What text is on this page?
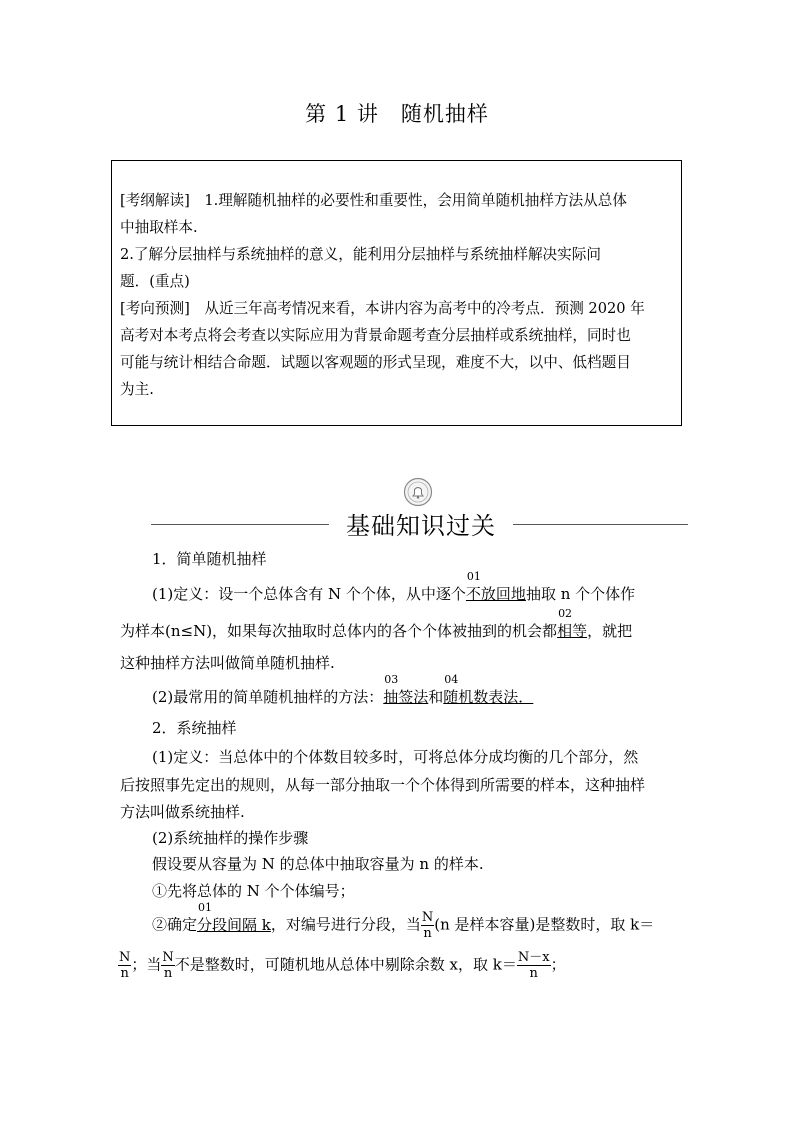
第 1 讲　随机抽样
[考纲解读]　1.理解随机抽样的必要性和重要性，会用简单随机抽样方法从总体
中抽取样本.
2.了解分层抽样与系统抽样的意义，能利用分层抽样与系统抽样解决实际问
题．(重点)
[考向预测]　从近三年高考情况来看，本讲内容为高考中的冷考点．预测 2020 年
高考对本考点将会考查以实际应用为背景命题考查分层抽样或系统抽样，同时也
可能与统计相结合命题．试题以客观题的形式呈现，难度不大，以中、低档题目
为主.
基础知识过关
1．简单随机抽样
(1)定义：设一个总体含有 N 个个体，从中逐个
01
不放回地抽取 n 个个体作
为样本(n≤N)，如果每次抽取时总体内的各个个体被抽到的机会都
02
相等，就把
这种抽样方法叫做简单随机抽样.
(2)最常用的简单随机抽样的方法：
03
抽签法和
04
随机数表法．
2．系统抽样
(1)定义：当总体中的个体数目较多时，可将总体分成均衡的几个部分，然
后按照事先定出的规则，从每一部分抽取一个个体得到所需要的样本，这种抽样
方法叫做系统抽样.
(2)系统抽样的操作步骤
假设要从容量为 N 的总体中抽取容量为 n 的样本.
①先将总体的 N 个个体编号；
②确定
01
分段间隔 k，对编号进行分段，当 $\frac{N}{n} (n$ 是样本容量)是整数时，取 k＝
$\frac{N}{n}$ ；当 $\frac{N}{n}$ 不是整数时，可随机地从总体中剔除余数 x，取 $k= \frac{N-x}{n}$ ；
